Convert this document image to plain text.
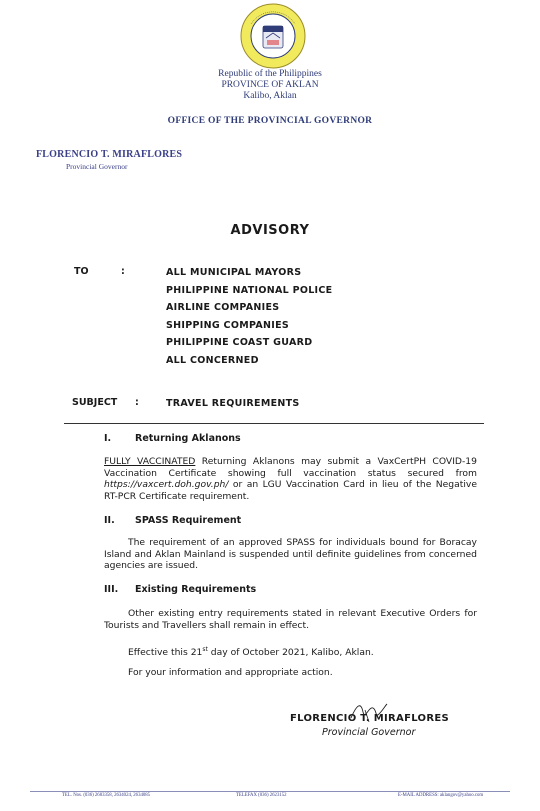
Republic of the Philippines
PROVINCE OF AKLAN
Kalibo, Aklan
OFFICE OF THE PROVINCIAL GOVERNOR
FLORENCIO T. MIRAFLORES
Provincial Governor
ADVISORY
TO	:	ALL MUNICIPAL MAYORS
PHILIPPINE NATIONAL POLICE
AIRLINE COMPANIES
SHIPPING COMPANIES
PHILIPPINE COAST GUARD
ALL CONCERNED
SUBJECT :	TRAVEL REQUIREMENTS
I.	Returning Aklanons
FULLY VACCINATED Returning Aklanons may submit a VaxCertPH COVID-19 Vaccination Certificate showing full vaccination status secured from https://vaxcert.doh.gov.ph/ or an LGU Vaccination Card in lieu of the Negative RT-PCR Certificate requirement.
II. SPASS Requirement
The requirement of an approved SPASS for individuals bound for Boracay Island and Aklan Mainland is suspended until definite guidelines from concerned agencies are issued.
III. Existing Requirements
Other existing entry requirements stated in relevant Executive Orders for Tourists and Travellers shall remain in effect.
Effective this 21st day of October 2021, Kalibo, Aklan.
For your information and appropriate action.
FLORENCIO T. MIRAFLORES
Provincial Governor
TEL. Nos. (036) 2683358, 2634024, 2634085	TELEFAX (036) 2623152	E-MAIL ADDRESS: aklangov@yahoo.com
